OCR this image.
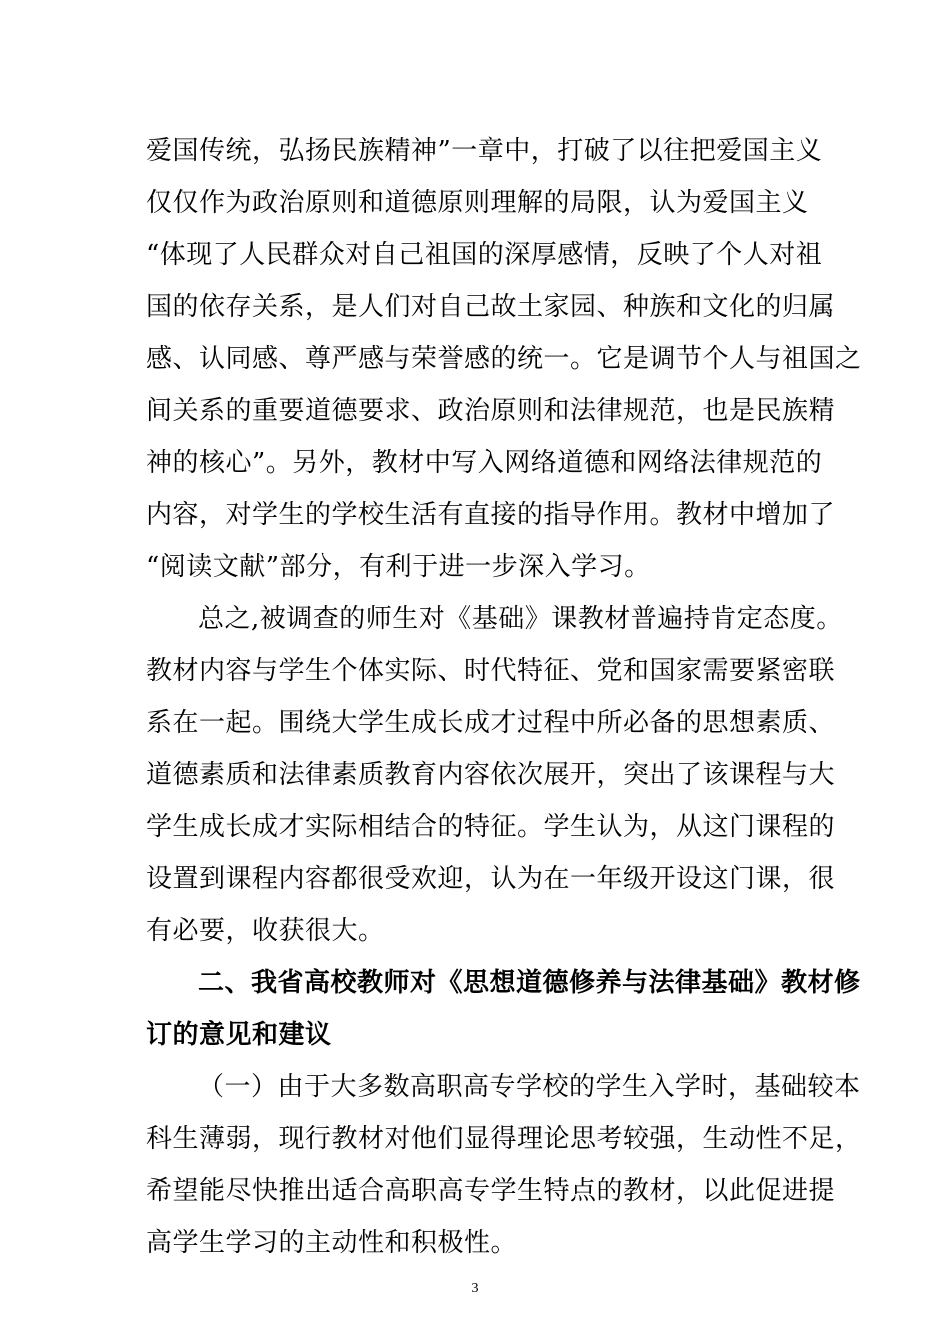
爱国传统，弘扬民族精神”一章中，打破了以往把爱国主义
仅仅作为政治原则和道德原则理解的局限，认为爱国主义
“体现了人民群众对自己祖国的深厚感情，反映了个人对祖
国的依存关系，是人们对自己故土家园、种族和文化的归属
感、认同感、尊严感与荣誉感的统一。它是调节个人与祖国之
间关系的重要道德要求、政治原则和法律规范，也是民族精
神的核心”。另外，教材中写入网络道德和网络法律规范的
内容，对学生的学校生活有直接的指导作用。教材中增加了
“阅读文献”部分，有利于进一步深入学习。
总之,被调查的师生对《基础》课教材普遍持肯定态度。
教材内容与学生个体实际、时代特征、党和国家需要紧密联
系在一起。围绕大学生成长成才过程中所必备的思想素质、
道德素质和法律素质教育内容依次展开，突出了该课程与大
学生成长成才实际相结合的特征。学生认为，从这门课程的
设置到课程内容都很受欢迎，认为在一年级开设这门课，很
有必要，收获很大。
二、我省高校教师对《思想道德修养与法律基础》教材修
订的意见和建议
（一）由于大多数高职高专学校的学生入学时，基础较本
科生薄弱，现行教材对他们显得理论思考较强，生动性不足，
希望能尽快推出适合高职高专学生特点的教材，以此促进提
高学生学习的主动性和积极性。
3
